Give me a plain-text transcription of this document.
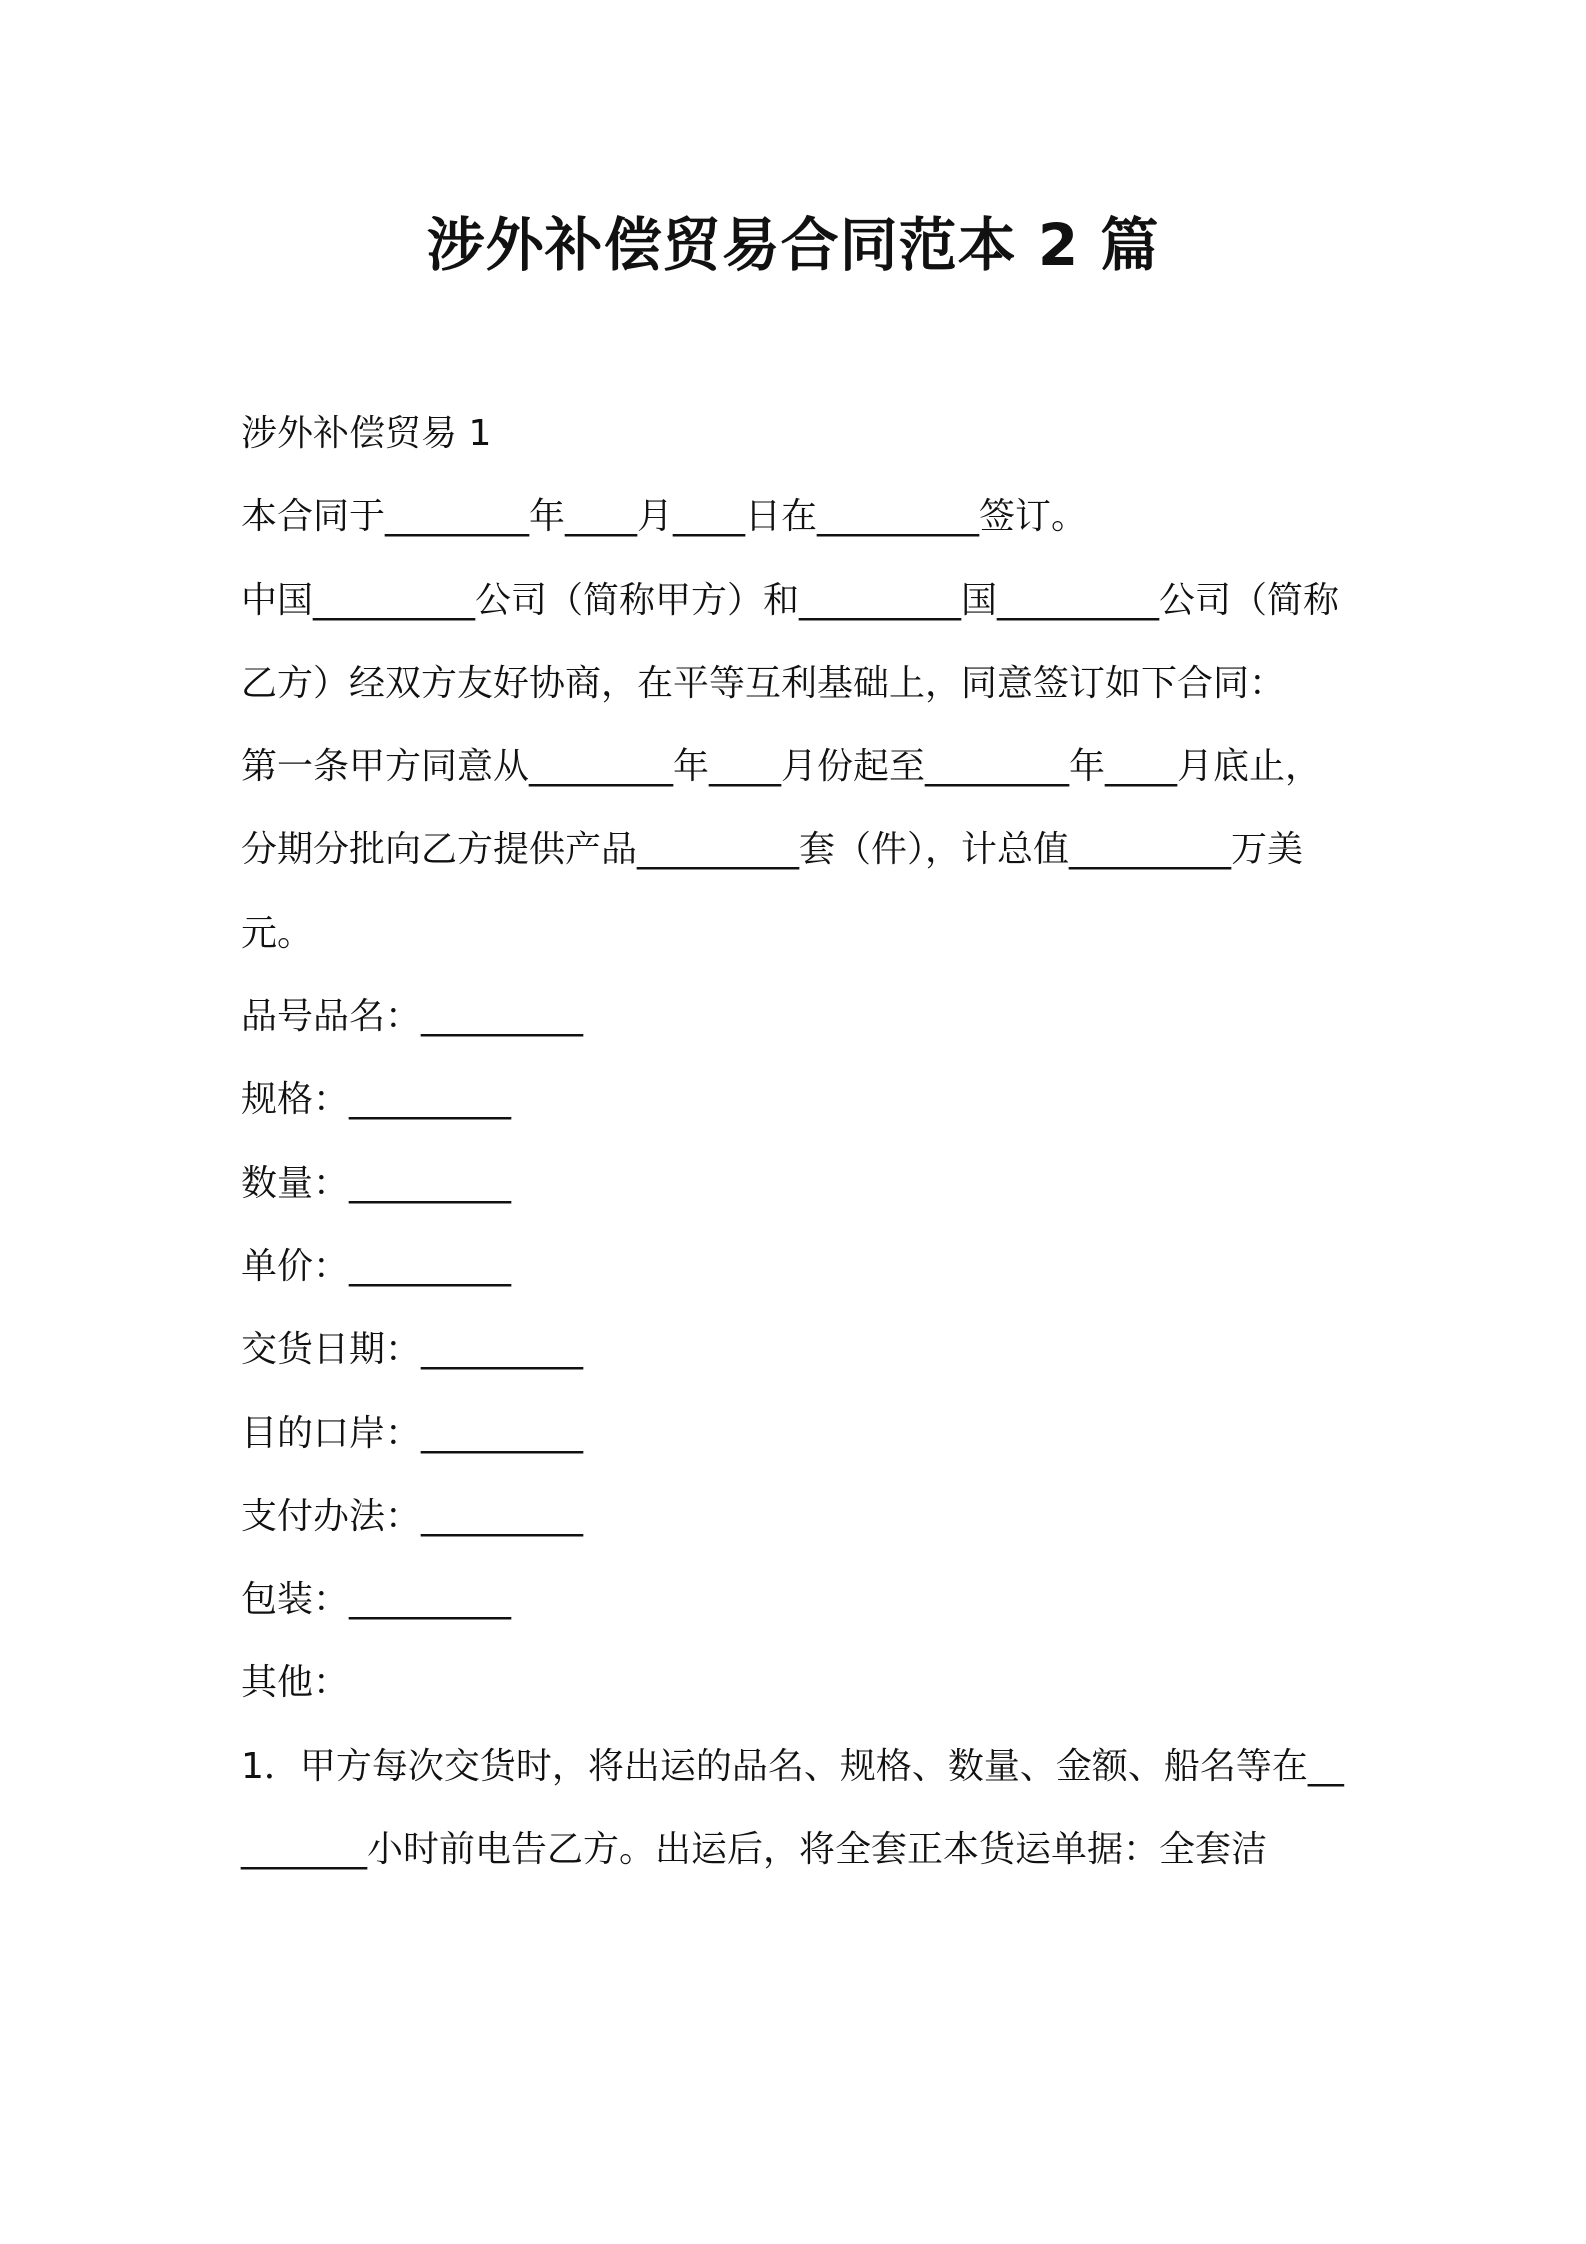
涉外补偿贸易合同范本 2 篇

涉外补偿贸易 1

本合同于________年____月____日在_________签订。

中国_________公司（简称甲方）和_________国_________公司（简称乙方）经双方友好协商，在平等互利基础上，同意签订如下合同：

第一条甲方同意从________年____月份起至________年____月底止，分期分批向乙方提供产品_________套（件），计总值_________万美元。

品号品名：_________

规格：_________

数量：_________

单价：_________

交货日期：_________

目的口岸：_________

支付办法：_________

包装：_________

其他：

1．甲方每次交货时，将出运的品名、规格、数量、金额、船名等在_________小时前电告乙方。出运后，将全套正本货运单据：全套洁
